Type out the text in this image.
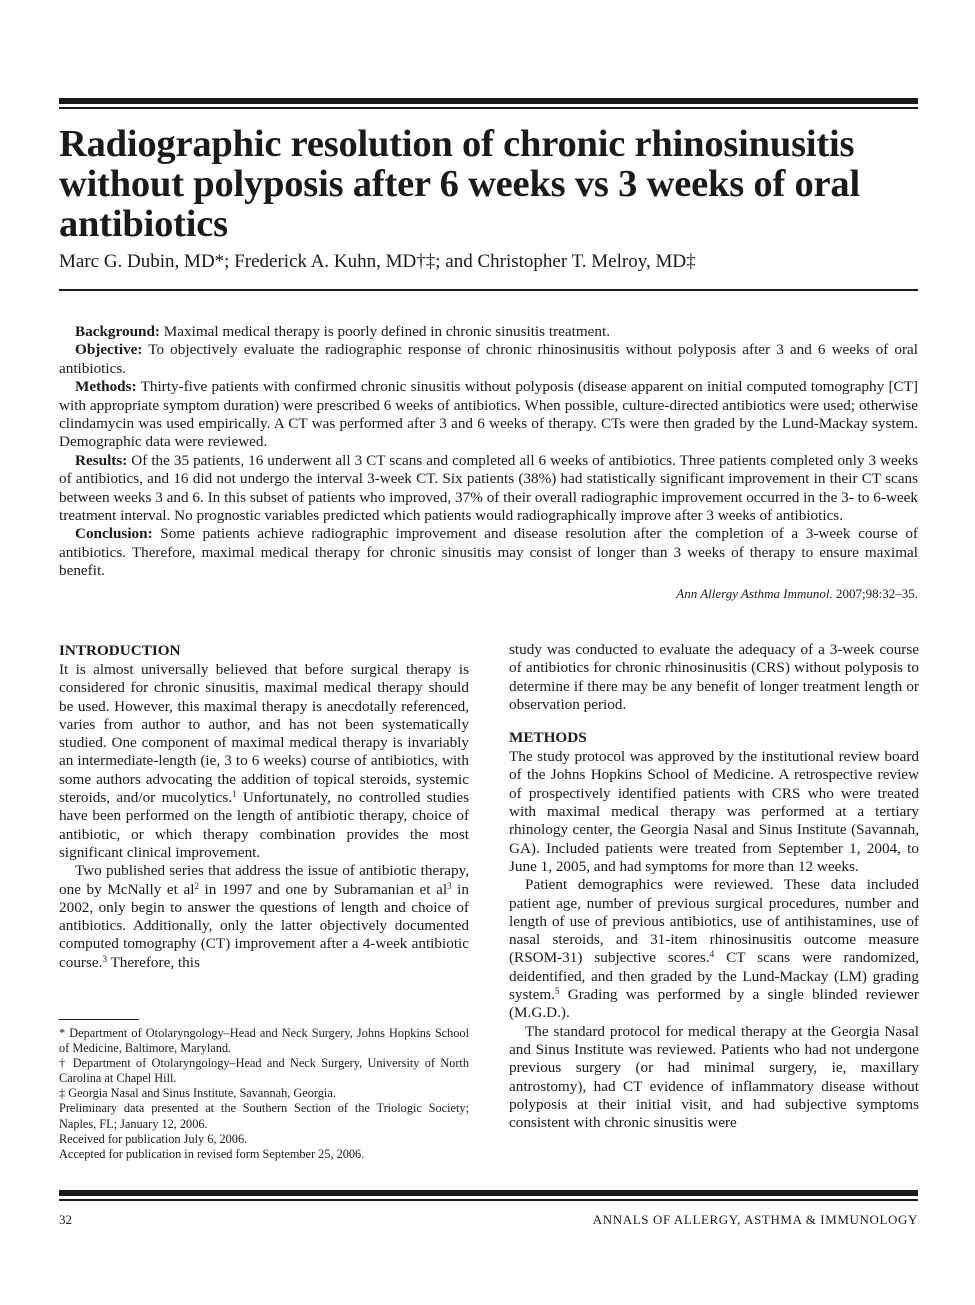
Radiographic resolution of chronic rhinosinusitis without polyposis after 6 weeks vs 3 weeks of oral antibiotics
Marc G. Dubin, MD*; Frederick A. Kuhn, MD†‡; and Christopher T. Melroy, MD‡

Background: Maximal medical therapy is poorly defined in chronic sinusitis treatment.

Objective: To objectively evaluate the radiographic response of chronic rhinosinusitis without polyposis after 3 and 6 weeks of oral antibiotics.

Methods: Thirty-five patients with confirmed chronic sinusitis without polyposis (disease apparent on initial computed tomography [CT] with appropriate symptom duration) were prescribed 6 weeks of antibiotics. When possible, culture-directed antibiotics were used; otherwise clindamycin was used empirically. A CT was performed after 3 and 6 weeks of therapy. CTs were then graded by the Lund-Mackay system. Demographic data were reviewed.

Results: Of the 35 patients, 16 underwent all 3 CT scans and completed all 6 weeks of antibiotics. Three patients completed only 3 weeks of antibiotics, and 16 did not undergo the interval 3-week CT. Six patients (38%) had statistically significant improvement in their CT scans between weeks 3 and 6. In this subset of patients who improved, 37% of their overall radiographic improvement occurred in the 3- to 6-week treatment interval. No prognostic variables predicted which patients would radiographically improve after 3 weeks of antibiotics.

Conclusion: Some patients achieve radiographic improvement and disease resolution after the completion of a 3-week course of antibiotics. Therefore, maximal medical therapy for chronic sinusitis may consist of longer than 3 weeks of therapy to ensure maximal benefit.

Ann Allergy Asthma Immunol. 2007;98:32–35.
INTRODUCTION

It is almost universally believed that before surgical therapy is considered for chronic sinusitis, maximal medical therapy should be used. However, this maximal therapy is anecdotally referenced, varies from author to author, and has not been systematically studied. One component of maximal medical therapy is invariably an intermediate-length (ie, 3 to 6 weeks) course of antibiotics, with some authors advocating the addition of topical steroids, systemic steroids, and/or mucolytics.$^1$ Unfortunately, no controlled studies have been performed on the length of antibiotic therapy, choice of antibiotic, or which therapy combination provides the most significant clinical improvement.

Two published series that address the issue of antibiotic therapy, one by McNally et $al^2$ in 1997 and one by Subramanian et $al^3$ in 2002, only begin to answer the questions of length and choice of antibiotics. Additionally, only the latter objectively documented computed tomography (CT) improvement after a 4-week antibiotic course.$^3$ Therefore, this

* Department of Otolaryngology–Head and Neck Surgery, Johns Hopkins School of Medicine, Baltimore, Maryland.

† Department of Otolaryngology–Head and Neck Surgery, University of North Carolina at Chapel Hill.

‡ Georgia Nasal and Sinus Institute, Savannah, Georgia.

Preliminary data presented at the Southern Section of the Triologic Society; Naples, FL; January 12, 2006.

Received for publication July 6, 2006.

Accepted for publication in revised form September 25, 2006.

study was conducted to evaluate the adequacy of a 3-week course of antibiotics for chronic rhinosinusitis (CRS) without polyposis to determine if there may be any benefit of longer treatment length or observation period.

METHODS

The study protocol was approved by the institutional review board of the Johns Hopkins School of Medicine. A retrospective review of prospectively identified patients with CRS who were treated with maximal medical therapy was performed at a tertiary rhinology center, the Georgia Nasal and Sinus Institute (Savannah, GA). Included patients were treated from September 1, 2004, to June 1, 2005, and had symptoms for more than 12 weeks.

Patient demographics were reviewed. These data included patient age, number of previous surgical procedures, number and length of use of previous antibiotics, use of antihistamines, use of nasal steroids, and 31-item rhinosinusitis outcome measure (RSOM-31) subjective scores.$^4$ CT scans were randomized, deidentified, and then graded by the Lund-Mackay (LM) grading system.$^5$ Grading was performed by a single blinded reviewer (M.G.D.).

The standard protocol for medical therapy at the Georgia Nasal and Sinus Institute was reviewed. Patients who had not undergone previous surgery (or had minimal surgery, ie, maxillary antrostomy), had CT evidence of inflammatory disease without polyposis at their initial visit, and had subjective symptoms consistent with chronic sinusitis were

32	ANNALS OF ALLERGY, ASTHMA & IMMUNOLOGY
